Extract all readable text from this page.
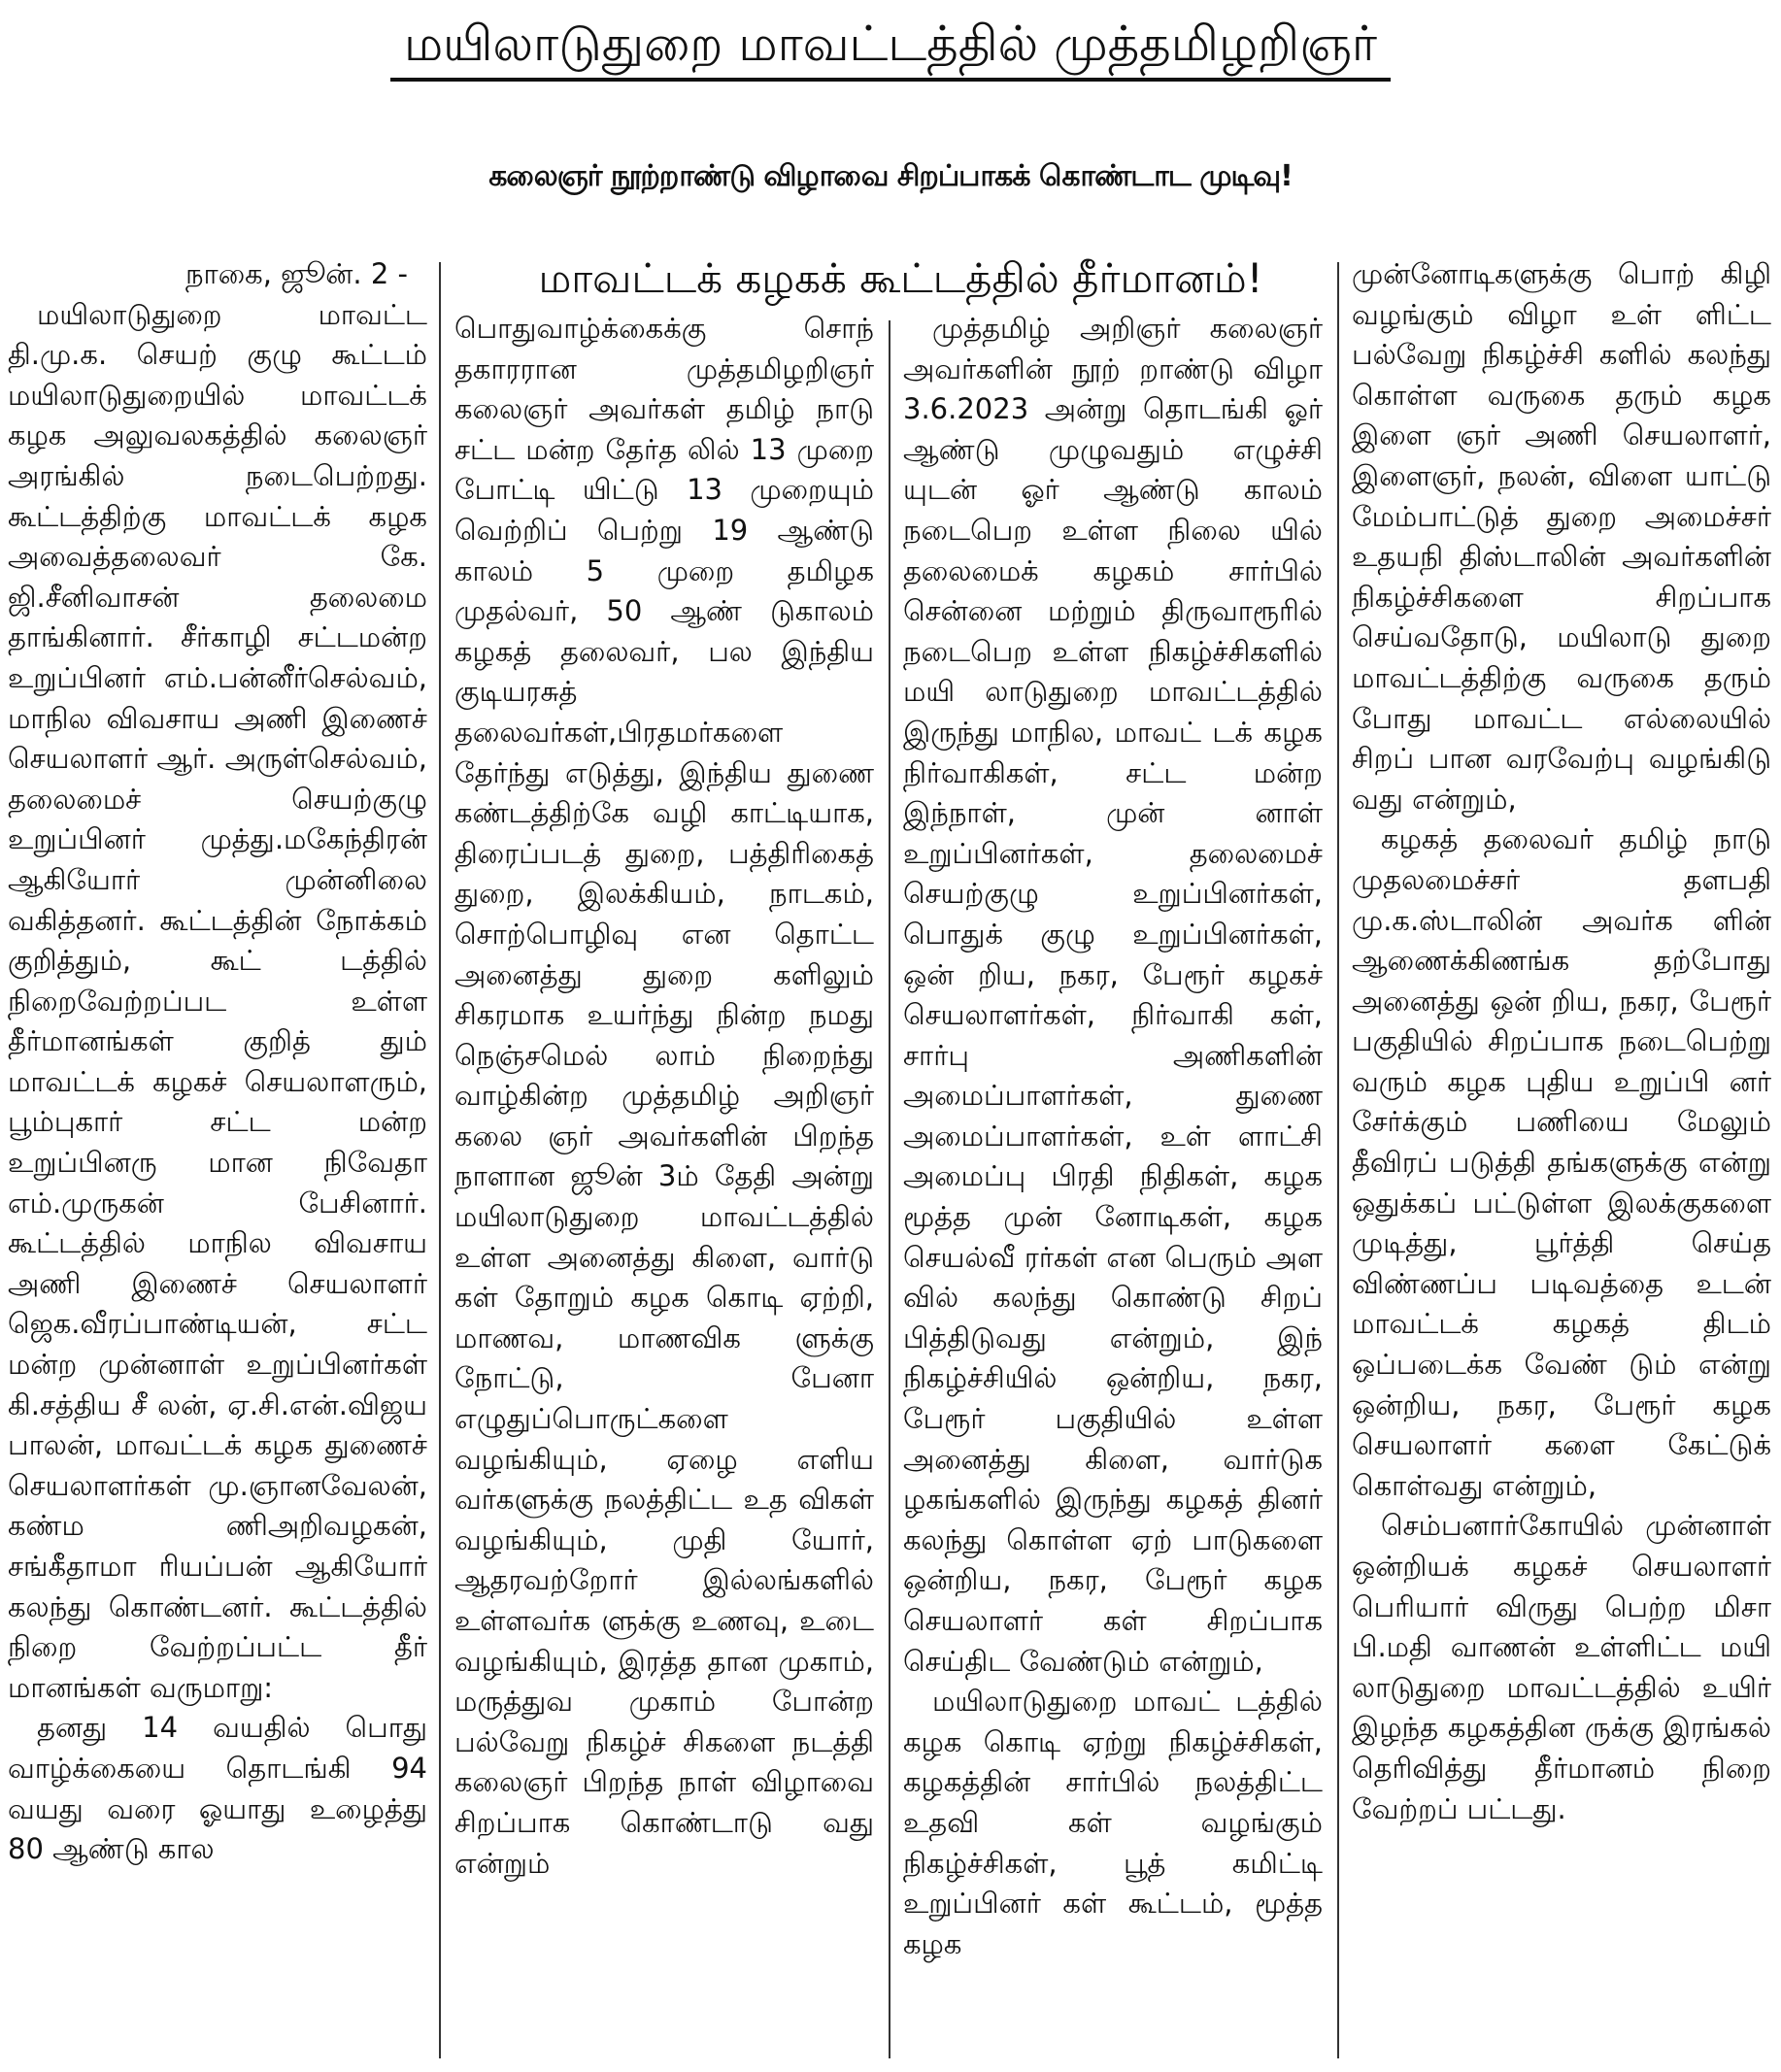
மயிலாடுதுறை மாவட்டத்தில் முத்தமிழறிஞர்
கலைஞர் நூற்றாண்டு விழாவை சிறப்பாகக் கொண்டாட முடிவு!
மாவட்டக் கழகக் கூட்டத்தில் தீர்மானம்!

நாகை, ஜூன். 2 -

மயிலாடுதுறை மாவட்ட தி.மு.க. செயற் குழு கூட்டம் மயிலாடுதுறையில் மாவட்டக் கழக அலுவலகத்தில் கலைஞர் அரங்கில் நடைபெற்றது. கூட்டத்திற்கு மாவட்டக் கழக அவைத்தலைவர் கே. ஜி.சீனிவாசன் தலைமை தாங்கினார். சீர்காழி சட்டமன்ற உறுப்பினர் எம்.பன்னீர்செல்வம், மாநில விவசாய அணி இணைச் செயலாளர் ஆர். அருள்செல்வம், தலைமைச் செயற்குழு உறுப்பினர் முத்து.மகேந்திரன் ஆகியோர் முன்னிலை வகித்தனர். கூட்டத்தின் நோக்கம் குறித்தும், கூட் டத்தில் நிறைவேற்றப்பட உள்ள தீர்மானங்கள் குறித் தும் மாவட்டக் கழகச் செயலாளரும், பூம்புகார் சட்ட மன்ற உறுப்பினரு மான நிவேதா எம்.முருகன் பேசினார். கூட்டத்தில் மாநில விவசாய அணி இணைச் செயலாளர் ஜெக.வீரப்பாண்டியன், சட்ட மன்ற முன்னாள் உறுப்பினர்கள் கி.சத்திய சீ லன், ஏ.சி.என்.விஜய பாலன், மாவட்டக் கழக துணைச் செயலாளர்கள் மு.ஞானவேலன், கண்ம ணிஅறிவழகன், சங்கீதாமா ரியப்பன் ஆகியோர் கலந்து கொண்டனர். கூட்டத்தில் நிறை வேற்றப்பட்ட தீர் மானங்கள் வருமாறு:

தனது 14 வயதில் பொது வாழ்க்கையை தொடங்கி 94 வயது வரை ஓயாது உழைத்து 80 ஆண்டு கால

பொதுவாழ்க்கைக்கு சொந் தகாரரான முத்தமிழறிஞர் கலைஞர் அவர்கள் தமிழ் நாடு சட்ட மன்ற தேர்த லில் 13 முறை போட்டி யிட்டு 13 முறையும் வெற்றிப் பெற்று 19 ஆண்டு காலம் 5 முறை தமிழக முதல்வர், 50 ஆண் டுகாலம் கழகத் தலைவர், பல இந்திய குடியரசுத் தலைவர்கள்,பிரதமர்களை தேர்ந்து எடுத்து, இந்திய துணை கண்டத்திற்கே வழி காட்டியாக, திரைப்படத் துறை, பத்திரிகைத் துறை, இலக்கியம், நாடகம், சொற்பொழிவு என தொட்ட அனைத்து துறை களிலும் சிகரமாக உயர்ந்து நின்ற நமது நெஞ்சமெல் லாம் நிறைந்து வாழ்கின்ற முத்தமிழ் அறிஞர் கலை ஞர் அவர்களின் பிறந்த நாளான ஜூன் 3ம் தேதி அன்று மயிலாடுதுறை மாவட்டத்தில் உள்ள அனைத்து கிளை, வார்டு கள் தோறும் கழக கொடி ஏற்றி, மாணவ, மாணவிக ளுக்கு நோட்டு, பேனா எழுதுப்பொருட்களை வழங்கியும், ஏழை எளிய வர்களுக்கு நலத்திட்ட உத விகள் வழங்கியும், முதி யோர், ஆதரவற்றோர் இல்லங்களில் உள்ளவர்க ளுக்கு உணவு, உடை வழங்கியும், இரத்த தான முகாம், மருத்துவ முகாம் போன்ற பல்வேறு நிகழ்ச் சிகளை நடத்தி கலைஞர் பிறந்த நாள் விழாவை சிறப்பாக கொண்டாடு வது என்றும்

முத்தமிழ் அறிஞர் கலைஞர் அவர்களின் நூற் றாண்டு விழா 3.6.2023 அன்று தொடங்கி ஓர் ஆண்டு முழுவதும் எழுச்சி யுடன் ஓர் ஆண்டு காலம் நடைபெற உள்ள நிலை யில் தலைமைக் கழகம் சார்பில் சென்னை மற்றும் திருவாரூரில் நடைபெற உள்ள நிகழ்ச்சிகளில் மயி லாடுதுறை மாவட்டத்தில் இருந்து மாநில, மாவட் டக் கழக நிர்வாகிகள், சட்ட மன்ற இந்நாள், முன் னாள் உறுப்பினர்கள், தலைமைச் செயற்குழு உறுப்பினர்கள், பொதுக் குழு உறுப்பினர்கள், ஒன் றிய, நகர, பேரூர் கழகச் செயலாளர்கள், நிர்வாகி கள், சார்பு அணிகளின் அமைப்பாளர்கள், துணை அமைப்பாளர்கள், உள் ளாட்சி அமைப்பு பிரதி நிதிகள், கழக மூத்த முன் னோடிகள், கழக செயல்வீ ரர்கள் என பெரும் அள வில் கலந்து கொண்டு சிறப் பித்திடுவது என்றும், இந் நிகழ்ச்சியில் ஒன்றிய, நகர, பேரூர் பகுதியில் உள்ள அனைத்து கிளை, வார்டுக ழகங்களில் இருந்து கழகத் தினர் கலந்து கொள்ள ஏற் பாடுகளை ஒன்றிய, நகர, பேரூர் கழக செயலாளர் கள் சிறப்பாக செய்திட வேண்டும் என்றும்,

மயிலாடுதுறை மாவட் டத்தில் கழக கொடி ஏற்று நிகழ்ச்சிகள், கழகத்தின் சார்பில் நலத்திட்ட உதவி கள் வழங்கும் நிகழ்ச்சிகள், பூத் கமிட்டி உறுப்பினர் கள் கூட்டம், மூத்த கழக

முன்னோடிகளுக்கு பொற் கிழி வழங்கும் விழா உள் ளிட்ட பல்வேறு நிகழ்ச்சி களில் கலந்து கொள்ள வருகை தரும் கழக இளை ஞர் அணி செயலாளர், இளைஞர், நலன், விளை யாட்டு மேம்பாட்டுத் துறை அமைச்சர் உதயநி திஸ்டாலின் அவர்களின் நிகழ்ச்சிகளை சிறப்பாக செய்வதோடு, மயிலாடு துறை மாவட்டத்திற்கு வருகை தரும் போது மாவட்ட எல்லையில் சிறப் பான வரவேற்பு வழங்கிடு வது என்றும்,

கழகத் தலைவர் தமிழ் நாடு முதலமைச்சர் தளபதி மு.க.ஸ்டாலின் அவர்க ளின் ஆணைக்கிணங்க தற்போது அனைத்து ஒன் றிய, நகர, பேரூர் பகுதியில் சிறப்பாக நடைபெற்று வரும் கழக புதிய உறுப்பி னர் சேர்க்கும் பணியை மேலும் தீவிரப் படுத்தி தங்களுக்கு என்று ஒதுக்கப் பட்டுள்ள இலக்குகளை முடித்து, பூர்த்தி செய்த விண்ணப்ப படிவத்தை உடன் மாவட்டக் கழகத் திடம் ஒப்படைக்க வேண் டும் என்று ஒன்றிய, நகர, பேரூர் கழக செயலாளர் களை கேட்டுக் கொள்வது என்றும்,

செம்பனார்கோயில் முன்னாள் ஒன்றியக் கழகச் செயலாளர் பெரியார் விருது பெற்ற மிசா பி.மதி வாணன் உள்ளிட்ட மயி லாடுதுறை மாவட்டத்தில் உயிர் இழந்த கழகத்தின ருக்கு இரங்கல் தெரிவித்து தீர்மானம் நிறை வேற்றப் பட்டது.
